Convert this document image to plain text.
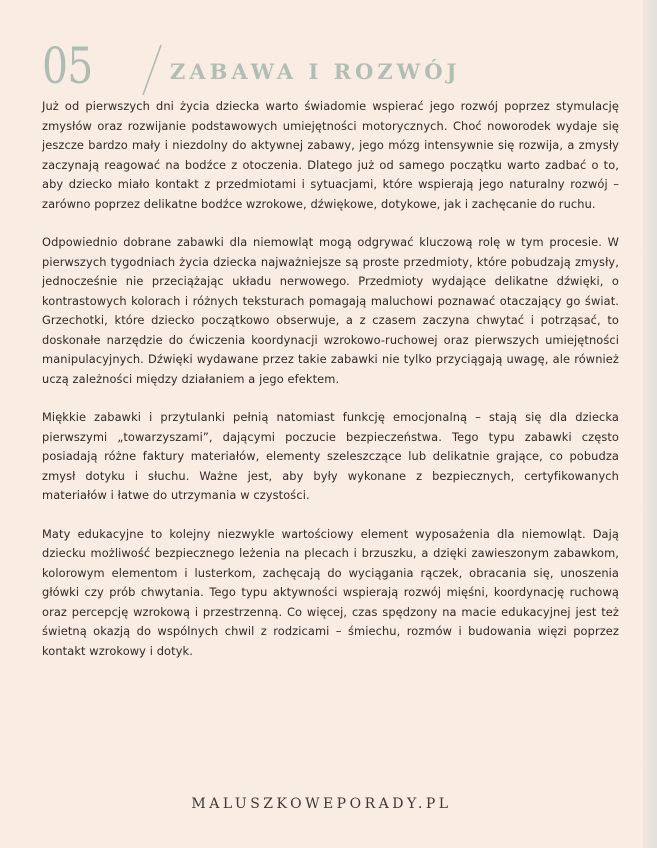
05	ZABAWA I ROZWÓJ

Już od pierwszych dni życia dziecka warto świadomie wspierać jego rozwój poprzez stymulację zmysłów oraz rozwijanie podstawowych umiejętności motorycznych. Choć noworodek wydaje się jeszcze bardzo mały i niezdolny do aktywnej zabawy, jego mózg intensywnie się rozwija, a zmysły zaczynają reagować na bodźce z otoczenia. Dlatego już od samego początku warto zadbać o to, aby dziecko miało kontakt z przedmiotami i sytuacjami, które wspierają jego naturalny rozwój – zarówno poprzez delikatne bodźce wzrokowe, dźwiękowe, dotykowe, jak i zachęcanie do ruchu.

Odpowiednio dobrane zabawki dla niemowląt mogą odgrywać kluczową rolę w tym procesie. W pierwszych tygodniach życia dziecka najważniejsze są proste przedmioty, które pobudzają zmysły, jednocześnie nie przeciążając układu nerwowego. Przedmioty wydające delikatne dźwięki, o kontrastowych kolorach i różnych teksturach pomagają maluchowi poznawać otaczający go świat. Grzechotki, które dziecko początkowo obserwuje, a z czasem zaczyna chwytać i potrząsać, to doskonałe narzędzie do ćwiczenia koordynacji wzrokowo-ruchowej oraz pierwszych umiejętności manipulacyjnych. Dźwięki wydawane przez takie zabawki nie tylko przyciągają uwagę, ale również uczą zależności między działaniem a jego efektem.

Miękkie zabawki i przytulanki pełnią natomiast funkcję emocjonalną – stają się dla dziecka pierwszymi „towarzyszami”, dającymi poczucie bezpieczeństwa. Tego typu zabawki często posiadają różne faktury materiałów, elementy szeleszczące lub delikatnie grające, co pobudza zmysł dotyku i słuchu. Ważne jest, aby były wykonane z bezpiecznych, certyfikowanych materiałów i łatwe do utrzymania w czystości.

Maty edukacyjne to kolejny niezwykle wartościowy element wyposażenia dla niemowląt. Dają dziecku możliwość bezpiecznego leżenia na plecach i brzuszku, a dzięki zawieszonym zabawkom, kolorowym elementom i lusterkom, zachęcają do wyciągania rączek, obracania się, unoszenia główki czy prób chwytania. Tego typu aktywności wspierają rozwój mięśni, koordynację ruchową oraz percepcję wzrokową i przestrzenną. Co więcej, czas spędzony na macie edukacyjnej jest też świetną okazją do wspólnych chwil z rodzicami – śmiechu, rozmów i budowania więzi poprzez kontakt wzrokowy i dotyk.

MALUSZKOWEPORADY.PL
